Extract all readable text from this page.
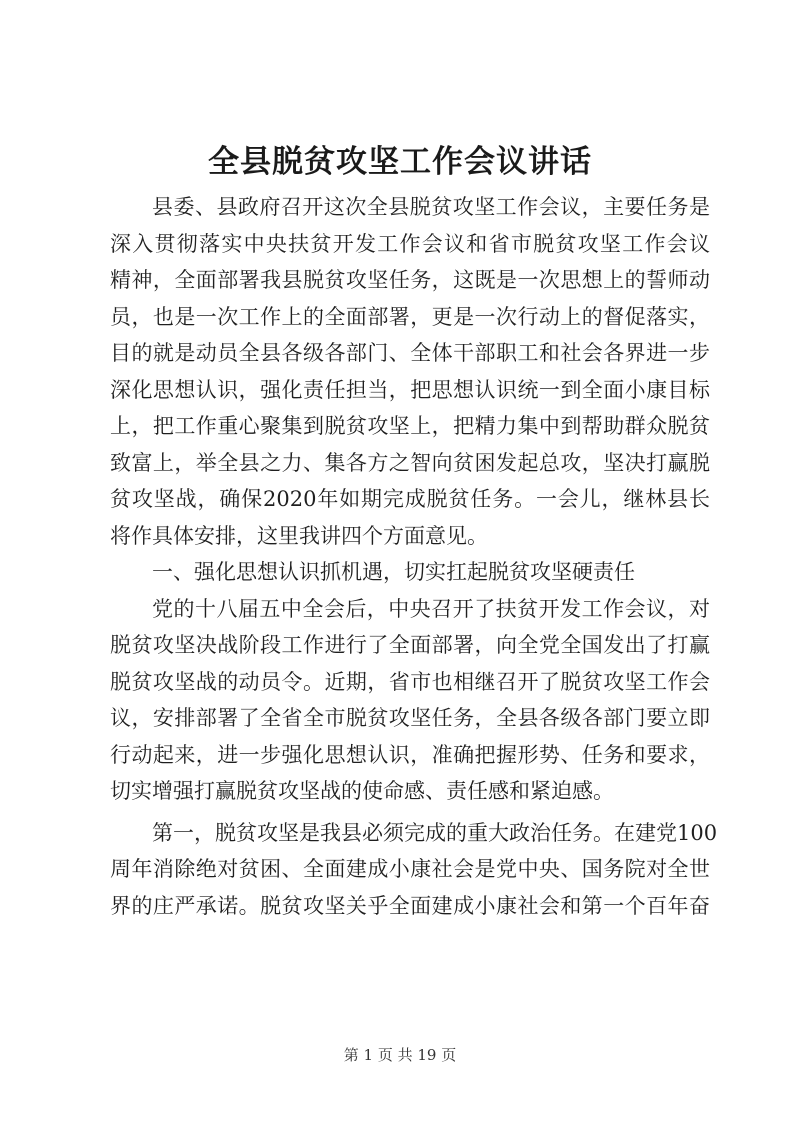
全县脱贫攻坚工作会议讲话
县委、县政府召开这次全县脱贫攻坚工作会议，主要任务是
深入贯彻落实中央扶贫开发工作会议和省市脱贫攻坚工作会议
精神，全面部署我县脱贫攻坚任务，这既是一次思想上的誓师动
员，也是一次工作上的全面部署，更是一次行动上的督促落实，
目的就是动员全县各级各部门、全体干部职工和社会各界进一步
深化思想认识，强化责任担当，把思想认识统一到全面小康目标
上，把工作重心聚集到脱贫攻坚上，把精力集中到帮助群众脱贫
致富上，举全县之力、集各方之智向贫困发起总攻，坚决打赢脱
贫攻坚战，确保2020年如期完成脱贫任务。一会儿，继林县长
将作具体安排，这里我讲四个方面意见。
一、强化思想认识抓机遇，切实扛起脱贫攻坚硬责任
党的十八届五中全会后，中央召开了扶贫开发工作会议，对
脱贫攻坚决战阶段工作进行了全面部署，向全党全国发出了打赢
脱贫攻坚战的动员令。近期，省市也相继召开了脱贫攻坚工作会
议，安排部署了全省全市脱贫攻坚任务，全县各级各部门要立即
行动起来，进一步强化思想认识，准确把握形势、任务和要求，
切实增强打赢脱贫攻坚战的使命感、责任感和紧迫感。
第一，脱贫攻坚是我县必须完成的重大政治任务。在建党100
周年消除绝对贫困、全面建成小康社会是党中央、国务院对全世
界的庄严承诺。脱贫攻坚关乎全面建成小康社会和第一个百年奋
第 1 页 共 19 页
